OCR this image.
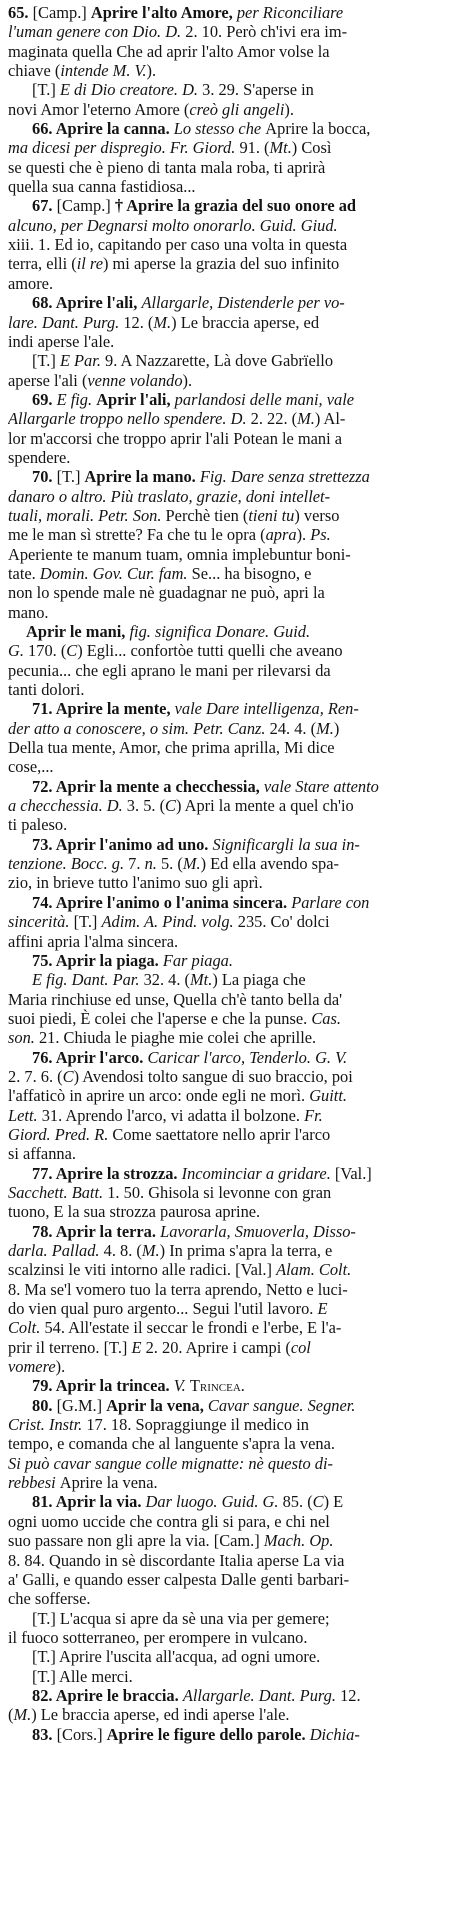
65. [Camp.] Aprire l'alto Amore, per Riconciliare
l'uman genere con Dio. D. 2. 10. Però ch'ivi era im-
maginata quella Che ad aprir l'alto Amor volse la
chiave (intende M. V.).
[T.] E di Dio creatore. D. 3. 29. S'aperse in
novi Amor l'eterno Amore (creò gli angeli).
66. Aprire la canna. Lo stesso che Aprire la bocca,
ma dicesi per dispregio. Fr. Giord. 91. (Mt.) Così
se questi che è pieno di tanta mala roba, ti aprirà
quella sua canna fastidiosa...
67. [Camp.] † Aprire la grazia del suo onore ad
alcuno, per Degnarsi molto onorarlo. Guid. Giud.
xiii. 1. Ed io, capitando per caso una volta in questa
terra, elli (il re) mi aperse la grazia del suo infinito
amore.
68. Aprire l'ali, Allargarle, Distenderle per vo-
lare. Dant. Purg. 12. (M.) Le braccia aperse, ed
indi aperse l'ale.
[T.] E Par. 9. A Nazzarette, Là dove Gabrïello
aperse l'ali (venne volando).
69. E fig. Aprir l'ali, parlandosi delle mani, vale
Allargarle troppo nello spendere. D. 2. 22. (M.) Al-
lor m'accorsi che troppo aprir l'ali Potean le mani a
spendere.
70. [T.] Aprire la mano. Fig. Dare senza strettezza
danaro o altro. Più traslato, grazie, doni intellet-
tuali, morali. Petr. Son. Perchè tien (tieni tu) verso
me le man sì strette? Fa che tu le opra (apra). Ps.
Aperiente te manum tuam, omnia implebuntur boni-
tate. Domin. Gov. Cur. fam. Se... ha bisogno, e
non lo spende male nè guadagnar ne può, apri la
mano.
Aprir le mani, fig. significa Donare. Guid.
G. 170. (C) Egli... confortòe tutti quelli che aveano
pecunia... che egli aprano le mani per rilevarsi da
tanti dolori.
71. Aprire la mente, vale Dare intelligenza, Ren-
der atto a conoscere, o sim. Petr. Canz. 24. 4. (M.)
Della tua mente, Amor, che prima aprilla, Mi dice
cose,...
72. Aprir la mente a checchessia, vale Stare attento
a checchessia. D. 3. 5. (C) Apri la mente a quel ch'io
ti paleso.
73. Aprir l'animo ad uno. Significargli la sua in-
tenzione. Bocc. g. 7. n. 5. (M.) Ed ella avendo spa-
zio, in brieve tutto l'animo suo gli aprì.
74. Aprire l'animo o l'anima sincera. Parlare con
sincerità. [T.] Adim. A. Pind. volg. 235. Co' dolci
affini apria l'alma sincera.
75. Aprir la piaga. Far piaga.
E fig. Dant. Par. 32. 4. (Mt.) La piaga che
Maria rinchiuse ed unse, Quella ch'è tanto bella da'
suoi piedi, È colei che l'aperse e che la punse. Cas.
son. 21. Chiuda le piaghe mie colei che aprille.
76. Aprir l'arco. Caricar l'arco, Tenderlo. G. V.
2. 7. 6. (C) Avendosi tolto sangue di suo braccio, poi
l'affaticò in aprire un arco: onde egli ne morì. Guitt.
Lett. 31. Aprendo l'arco, vi adatta il bolzone. Fr.
Giord. Pred. R. Come saettatore nello aprir l'arco
si affanna.
77. Aprire la strozza. Incominciar a gridare. [Val.]
Sacchett. Batt. 1. 50. Ghisola si levonne con gran
tuono, E la sua strozza paurosa aprine.
78. Aprir la terra. Lavorarla, Smuoverla, Disso-
darla. Pallad. 4. 8. (M.) In prima s'apra la terra, e
scalzinsi le viti intorno alle radici. [Val.] Alam. Colt.
8. Ma se'l vomero tuo la terra aprendo, Netto e luci-
do vien qual puro argento... Segui l'util lavoro. E
Colt. 54. All'estate il seccar le frondi e l'erbe, E l'a-
prir il terreno. [T.] E 2. 20. Aprire i campi (col
vomere).
79. Aprir la trincea. V. Trincea.
80. [G.M.] Aprir la vena, Cavar sangue. Segner.
Crist. Instr. 17. 18. Sopraggiunge il medico in
tempo, e comanda che al languente s'apra la vena.
Si può cavar sangue colle mignatte: nè questo di-
rebbesi Aprire la vena.
81. Aprir la via. Dar luogo. Guid. G. 85. (C) E
ogni uomo uccide che contra gli si para, e chi nel
suo passare non gli apre la via. [Cam.] Mach. Op.
8. 84. Quando in sè discordante Italia aperse La via
a' Galli, e quando esser calpesta Dalle genti barbari-
che sofferse.
[T.] L'acqua si apre da sè una via per gemere;
il fuoco sotterraneo, per erompere in vulcano.
[T.] Aprire l'uscita all'acqua, ad ogni umore.
[T.] Alle merci.
82. Aprire le braccia. Allargarle. Dant. Purg. 12.
(M.) Le braccia aperse, ed indi aperse l'ale.
83. [Cors.] Aprire le figure dello parole. Dichia-
